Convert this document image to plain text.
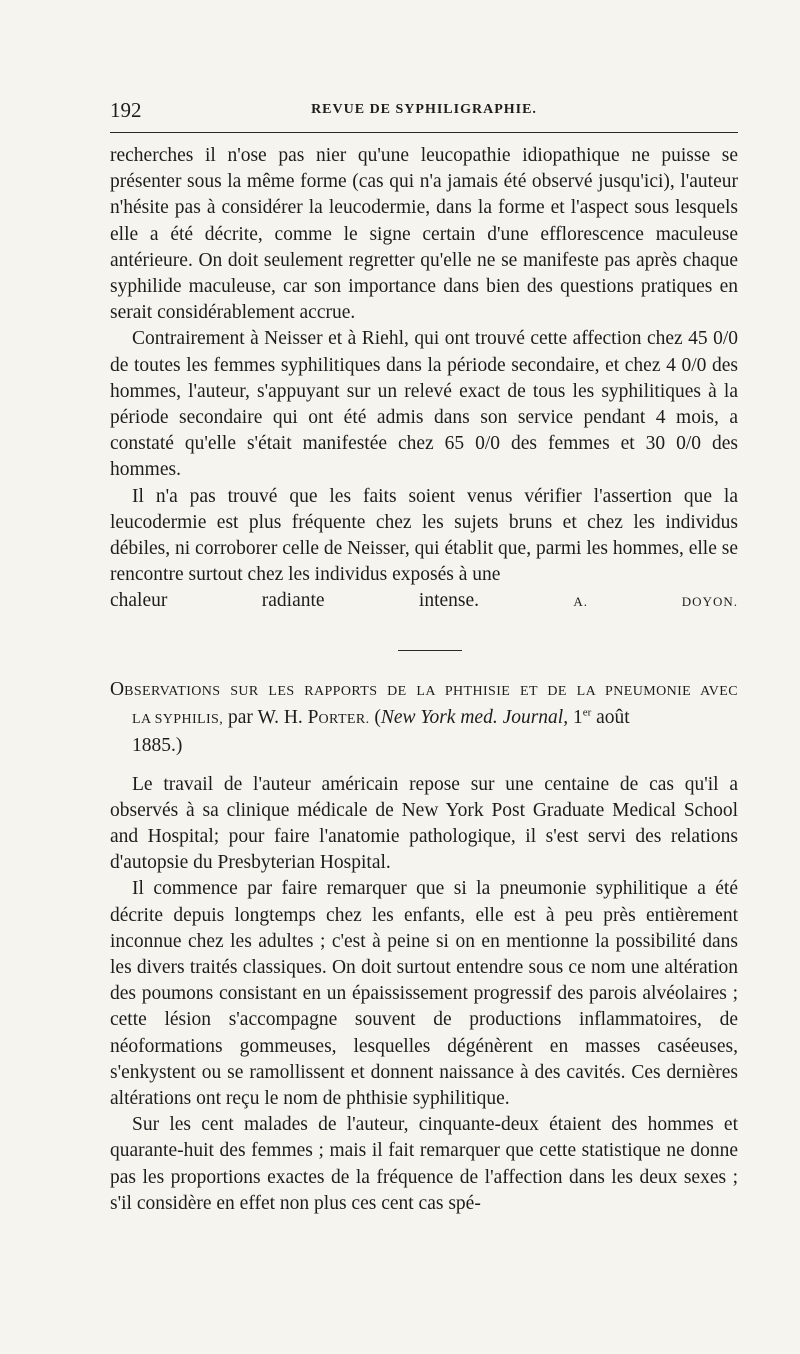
192	REVUE DE SYPHILIGRAPHIE.

recherches il n'ose pas nier qu'une leucopathie idiopathique ne puisse se présenter sous la même forme (cas qui n'a jamais été observé jusqu'ici), l'auteur n'hésite pas à considérer la leucodermie, dans la forme et l'aspect sous lesquels elle a été décrite, comme le signe certain d'une efflorescence maculeuse antérieure. On doit seulement regretter qu'elle ne se manifeste pas après chaque syphilide maculeuse, car son importance dans bien des questions pratiques en serait considérablement accrue.

Contrairement à Neisser et à Riehl, qui ont trouvé cette affection chez 45 0/0 de toutes les femmes syphilitiques dans la période secondaire, et chez 4 0/0 des hommes, l'auteur, s'appuyant sur un relevé exact de tous les syphilitiques à la période secondaire qui ont été admis dans son service pendant 4 mois, a constaté qu'elle s'était manifestée chez 65 0/0 des femmes et 30 0/0 des hommes.

Il n'a pas trouvé que les faits soient venus vérifier l'assertion que la leucodermie est plus fréquente chez les sujets bruns et chez les individus débiles, ni corroborer celle de Neisser, qui établit que, parmi les hommes, elle se rencontre surtout chez les individus exposés à une

chaleur radiante intense.	A. DOYON.

OBSERVATIONS SUR LES RAPPORTS DE LA PHTHISIE ET DE LA PNEUMONIE AVEC
LA SYPHILIS, par W. H. PORTER. (New York med. Journal, 1er août
1885.)

Le travail de l'auteur américain repose sur une centaine de cas qu'il a observés à sa clinique médicale de New York Post Graduate Medical School and Hospital; pour faire l'anatomie pathologique, il s'est servi des relations d'autopsie du Presbyterian Hospital.

Il commence par faire remarquer que si la pneumonie syphilitique a été décrite depuis longtemps chez les enfants, elle est à peu près entièrement inconnue chez les adultes ; c'est à peine si on en mentionne la possibilité dans les divers traités classiques. On doit surtout entendre sous ce nom une altération des poumons consistant en un épaississement progressif des parois alvéolaires ; cette lésion s'accompagne souvent de productions inflammatoires, de néoformations gommeuses, lesquelles dégénèrent en masses caséeuses, s'enkystent ou se ramollissent et donnent naissance à des cavités. Ces dernières altérations ont reçu le nom de phthisie syphilitique.

Sur les cent malades de l'auteur, cinquante-deux étaient des hommes et quarante-huit des femmes ; mais il fait remarquer que cette statistique ne donne pas les proportions exactes de la fréquence de l'affection dans les deux sexes ; s'il considère en effet non plus ces cent cas spé-
